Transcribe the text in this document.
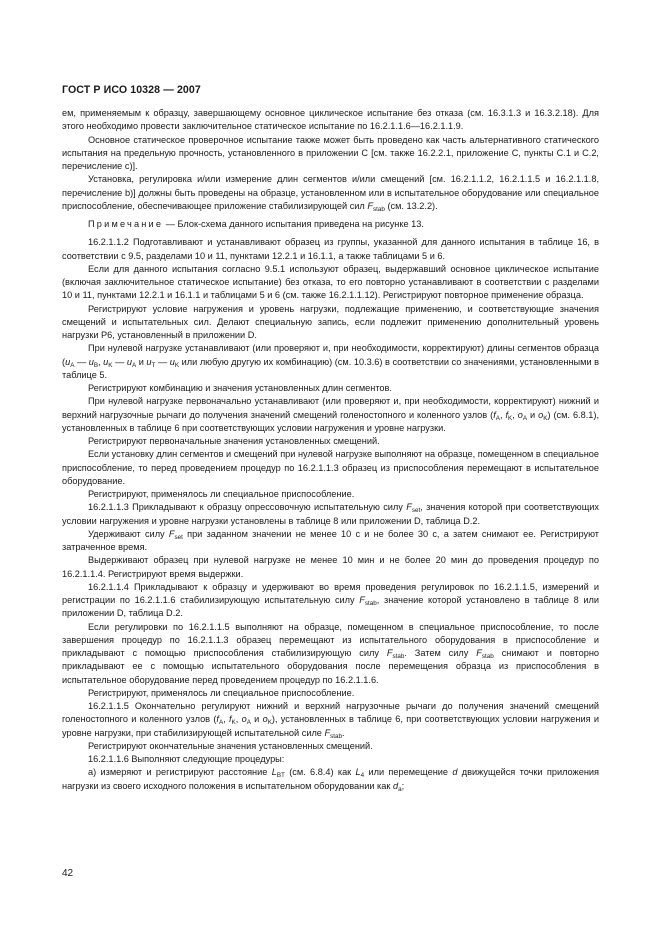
ГОСТ Р ИСО 10328 — 2007

ем, применяемым к образцу, завершающему основное циклическое испытание без отказа (см. 16.3.1.3 и 16.3.2.18). Для этого необходимо провести заключительное статическое испытание по 16.2.1.1.6—16.2.1.1.9.

Основное статическое проверочное испытание также может быть проведено как часть альтернативного статического испытания на предельную прочность, установленного в приложении С [см. также 16.2.2.1, приложение С, пункты С.1 и С.2, перечисление с)].

Установка, регулировка и/или измерение длин сегментов и/или смещений [см. 16.2.1.1.2, 16.2.1.1.5 и 16.2.1.1.8, перечисление b)] должны быть проведены на образце, установленном или в испытательное оборудование или специальное приспособление, обеспечивающее приложение стабилизирующей сил $F_{stab}$ (см. 13.2.2).

Примечание — Блок-схема данного испытания приведена на рисунке 13.

16.2.1.1.2 Подготавливают и устанавливают образец из группы, указанной для данного испытания в таблице 16, в соответствии с 9.5, разделами 10 и 11, пунктами 12.2.1 и 16.1.1, а также таблицами 5 и 6.

Если для данного испытания согласно 9.5.1 используют образец, выдержавший основное циклическое испытание (включая заключительное статическое испытание) без отказа, то его повторно устанавливают в соответствии с разделами 10 и 11, пунктами 12.2.1 и 16.1.1 и таблицами 5 и 6 (см. также 16.2.1.1.12). Регистрируют повторное применение образца.

Регистрируют условие нагружения и уровень нагрузки, подлежащие применению, и соответствующие значения смещений и испытательных сил. Делают специальную запись, если подлежит применению дополнительный уровень нагрузки Р6, установленный в приложении D.

При нулевой нагрузке устанавливают (или проверяют и, при необходимости, корректируют) длины сегментов образца ($u_A$ — $u_B$, $u_K$ — $u_A$ и $u_T$ — $u_K$ или любую другую их комбинацию) (см. 10.3.6) в соответствии со значениями, установленными в таблице 5.

Регистрируют комбинацию и значения установленных длин сегментов.

При нулевой нагрузке первоначально устанавливают (или проверяют и, при необходимости, корректируют) нижний и верхний нагрузочные рычаги до получения значений смещений голеностопного и коленного узлов ($f_A$, $f_K$, $o_A$ и $o_K$) (см. 6.8.1), установленных в таблице 6 при соответствующих условии нагружения и уровне нагрузки.

Регистрируют первоначальные значения установленных смещений.

Если установку длин сегментов и смещений при нулевой нагрузке выполняют на образце, помещенном в специальное приспособление, то перед проведением процедур по 16.2.1.1.3 образец из приспособления перемещают в испытательное оборудование.

Регистрируют, применялось ли специальное приспособление.

16.2.1.1.3 Прикладывают к образцу опрессовочную испытательную силу $F_{set}$, значения которой при соответствующих условии нагружения и уровне нагрузки установлены в таблице 8 или приложении D, таблица D.2.

Удерживают силу $F_{set}$ при заданном значении не менее 10 с и не более 30 с, а затем снимают ее. Регистрируют затраченное время.

Выдерживают образец при нулевой нагрузке не менее 10 мин и не более 20 мин до проведения процедур по 16.2.1.1.4. Регистрируют время выдержки.

16.2.1.1.4 Прикладывают к образцу и удерживают во время проведения регулировок по 16.2.1.1.5, измерений и регистрации по 16.2.1.1.6 стабилизирующую испытательную силу $F_{stab}$, значение которой установлено в таблице 8 или приложении D, таблица D.2.

Если регулировки по 16.2.1.1.5 выполняют на образце, помещенном в специальное приспособление, то после завершения процедур по 16.2.1.1.3 образец перемещают из испытательного оборудования в приспособление и прикладывают с помощью приспособления стабилизирующую силу $F_{stab}$. Затем силу $F_{stab}$ снимают и повторно прикладывают ее с помощью испытательного оборудования после перемещения образца из приспособления в испытательное оборудование перед проведением процедур по 16.2.1.1.6.

Регистрируют, применялось ли специальное приспособление.

16.2.1.1.5 Окончательно регулируют нижний и верхний нагрузочные рычаги до получения значений смещений голеностопного и коленного узлов ($f_A$, $f_K$, $o_A$ и $o_K$), установленных в таблице 6, при соответствующих условии нагружения и уровне нагрузки, при стабилизирующей испытательной силе $F_{stab}$.

Регистрируют окончательные значения установленных смещений.

16.2.1.1.6 Выполняют следующие процедуры:

а) измеряют и регистрируют расстояние $L_{BT}$ (см. 6.8.4) как $L_4$ или перемещение d движущейся точки приложения нагрузки из своего исходного положения в испытательном оборудовании как $d_a$;

42
